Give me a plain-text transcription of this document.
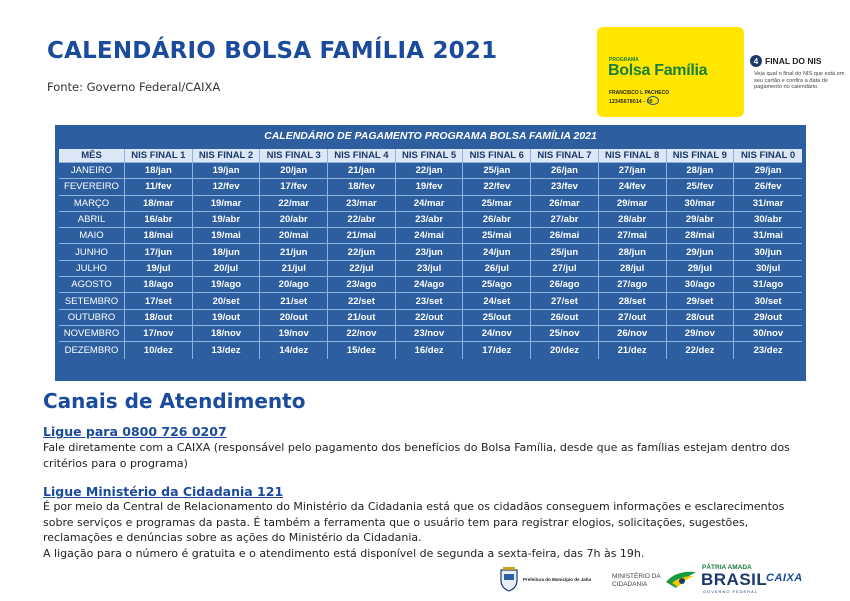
CALENDÁRIO BOLSA FAMÍLIA 2021
Fonte: Governo Federal/CAIXA
PROGRAMA
Bolsa Família
FRANCISCO L PACHECO
12345678014 - 00
4 FINAL DO NIS
Veja qual o final do NIS que está em seu cartão e confira a data de pagamento no calendário.
CALENDÁRIO DE PAGAMENTO PROGRAMA BOLSA FAMÍLIA 2021
MÊS	NIS FINAL 1	NIS FINAL 2	NIS FINAL 3	NIS FINAL 4	NIS FINAL 5	NIS FINAL 6	NIS FINAL 7	NIS FINAL 8	NIS FINAL 9	NIS FINAL 0
JANEIRO	18/jan	19/jan	20/jan	21/jan	22/jan	25/jan	26/jan	27/jan	28/jan	29/jan
FEVEREIRO	11/fev	12/fev	17/fev	18/fev	19/fev	22/fev	23/fev	24/fev	25/fev	26/fev
MARÇO	18/mar	19/mar	22/mar	23/mar	24/mar	25/mar	26/mar	29/mar	30/mar	31/mar
ABRIL	16/abr	19/abr	20/abr	22/abr	23/abr	26/abr	27/abr	28/abr	29/abr	30/abr
MAIO	18/mai	19/mai	20/mai	21/mai	24/mai	25/mai	26/mai	27/mai	28/mai	31/mai
JUNHO	17/jun	18/jun	21/jun	22/jun	23/jun	24/jun	25/jun	28/jun	29/jun	30/jun
JULHO	19/jul	20/jul	21/jul	22/jul	23/jul	26/jul	27/jul	28/jul	29/jul	30/jul
AGOSTO	18/ago	19/ago	20/ago	23/ago	24/ago	25/ago	26/ago	27/ago	30/ago	31/ago
SETEMBRO	17/set	20/set	21/set	22/set	23/set	24/set	27/set	28/set	29/set	30/set
OUTUBRO	18/out	19/out	20/out	21/out	22/out	25/out	26/out	27/out	28/out	29/out
NOVEMBRO	17/nov	18/nov	19/nov	22/nov	23/nov	24/nov	25/nov	26/nov	29/nov	30/nov
DEZEMBRO	10/dez	13/dez	14/dez	15/dez	16/dez	17/dez	20/dez	21/dez	22/dez	23/dez
Canais de Atendimento
Ligue para 0800 726 0207
Fale diretamente com a CAIXA (responsável pelo pagamento dos benefícios do Bolsa Família, desde que as famílias estejam dentro dos critérios para o programa)
Ligue Ministério da Cidadania 121
É por meio da Central de Relacionamento do Ministério da Cidadania está que os cidadãos conseguem informações e esclarecimentos sobre serviços e programas da pasta. É também a ferramenta que o usuário tem para registrar elogios, solicitações, sugestões, reclamações e denúncias sobre as ações do Ministério da Cidadania.
A ligação para o número é gratuita e o atendimento está disponível de segunda a sexta-feira, das 7h às 19h.
Prefeitura do Município de Jahu	MINISTÉRIO DA
CIDADANIA
PÁTRIA AMADA
BRASIL
GOVERNO FEDERAL
CAIXA
